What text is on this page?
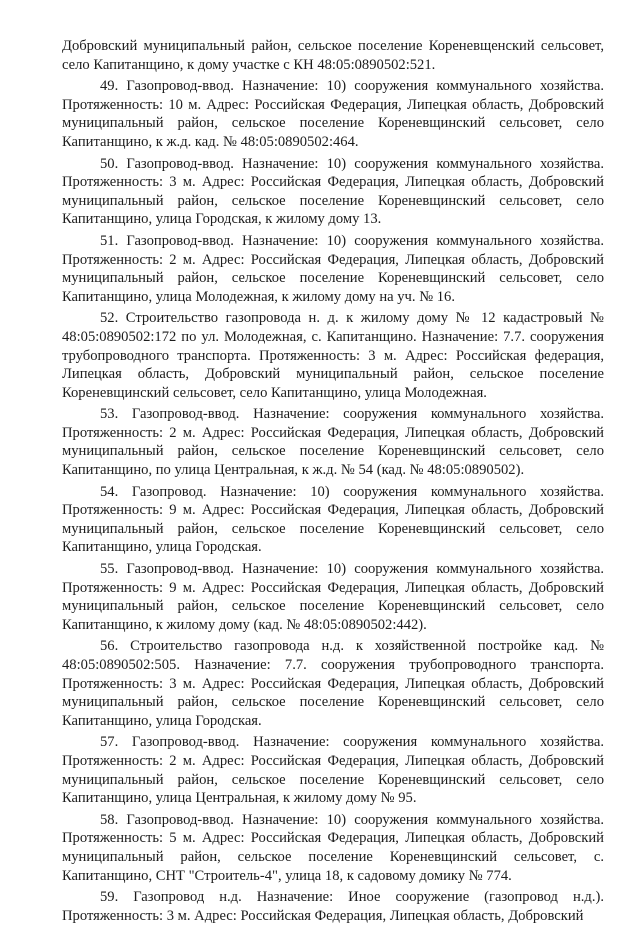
Добровский муниципальный район, сельское поселение Кореневщенский сельсовет, село Капитанщино, к дому участке с КН 48:05:0890502:521.

49. Газопровод-ввод. Назначение: 10) сооружения коммунального хозяйства. Протяженность: 10 м. Адрес: Российская Федерация, Липецкая область, Добровский муниципальный район, сельское поселение Кореневщинский сельсовет, село Капитанщино, к ж.д. кад. № 48:05:0890502:464.

50. Газопровод-ввод. Назначение: 10) сооружения коммунального хозяйства. Протяженность: 3 м. Адрес: Российская Федерация, Липецкая область, Добровский муниципальный район, сельское поселение Кореневщинский сельсовет, село Капитанщино, улица Городская, к жилому дому 13.

51. Газопровод-ввод. Назначение: 10) сооружения коммунального хозяйства. Протяженность: 2 м. Адрес: Российская Федерация, Липецкая область, Добровский муниципальный район, сельское поселение Кореневщинский сельсовет, село Капитанщино, улица Молодежная, к жилому дому на уч. № 16.

52. Строительство газопровода н. д. к жилому дому № 12 кадастровый № 48:05:0890502:172 по ул. Молодежная, с. Капитанщино. Назначение: 7.7. сооружения трубопроводного транспорта. Протяженность: 3 м. Адрес: Российская федерация, Липецкая область, Добровский муниципальный район, сельское поселение Кореневщинский сельсовет, село Капитанщино, улица Молодежная.

53. Газопровод-ввод. Назначение: сооружения коммунального хозяйства. Протяженность: 2 м. Адрес: Российская Федерация, Липецкая область, Добровский муниципальный район, сельское поселение Кореневщинский сельсовет, село Капитанщино, по улица Центральная, к ж.д. № 54 (кад. № 48:05:0890502).

54. Газопровод. Назначение: 10) сооружения коммунального хозяйства. Протяженность: 9 м. Адрес: Российская Федерация, Липецкая область, Добровский муниципальный район, сельское поселение Кореневщинский сельсовет, село Капитанщино, улица Городская.

55. Газопровод-ввод. Назначение: 10) сооружения коммунального хозяйства. Протяженность: 9 м. Адрес: Российская Федерация, Липецкая область, Добровский муниципальный район, сельское поселение Кореневщинский сельсовет, село Капитанщино, к жилому дому (кад. № 48:05:0890502:442).

56. Строительство газопровода н.д. к хозяйственной постройке кад. № 48:05:0890502:505. Назначение: 7.7. сооружения трубопроводного транспорта. Протяженность: 3 м. Адрес: Российская Федерация, Липецкая область, Добровский муниципальный район, сельское поселение Кореневщинский сельсовет, село Капитанщино, улица Городская.

57. Газопровод-ввод. Назначение: сооружения коммунального хозяйства. Протяженность: 2 м. Адрес: Российская Федерация, Липецкая область, Добровский муниципальный район, сельское поселение Кореневщинский сельсовет, село Капитанщино, улица Центральная, к жилому дому № 95.

58. Газопровод-ввод. Назначение: 10) сооружения коммунального хозяйства. Протяженность: 5 м. Адрес: Российская Федерация, Липецкая область, Добровский муниципальный район, сельское поселение Кореневщинский сельсовет, с. Капитанщино, СНТ "Строитель-4", улица 18, к садовому домику № 774.

59. Газопровод н.д. Назначение: Иное сооружение (газопровод н.д.). Протяженность: 3 м. Адрес: Российская Федерация, Липецкая область, Добровский
